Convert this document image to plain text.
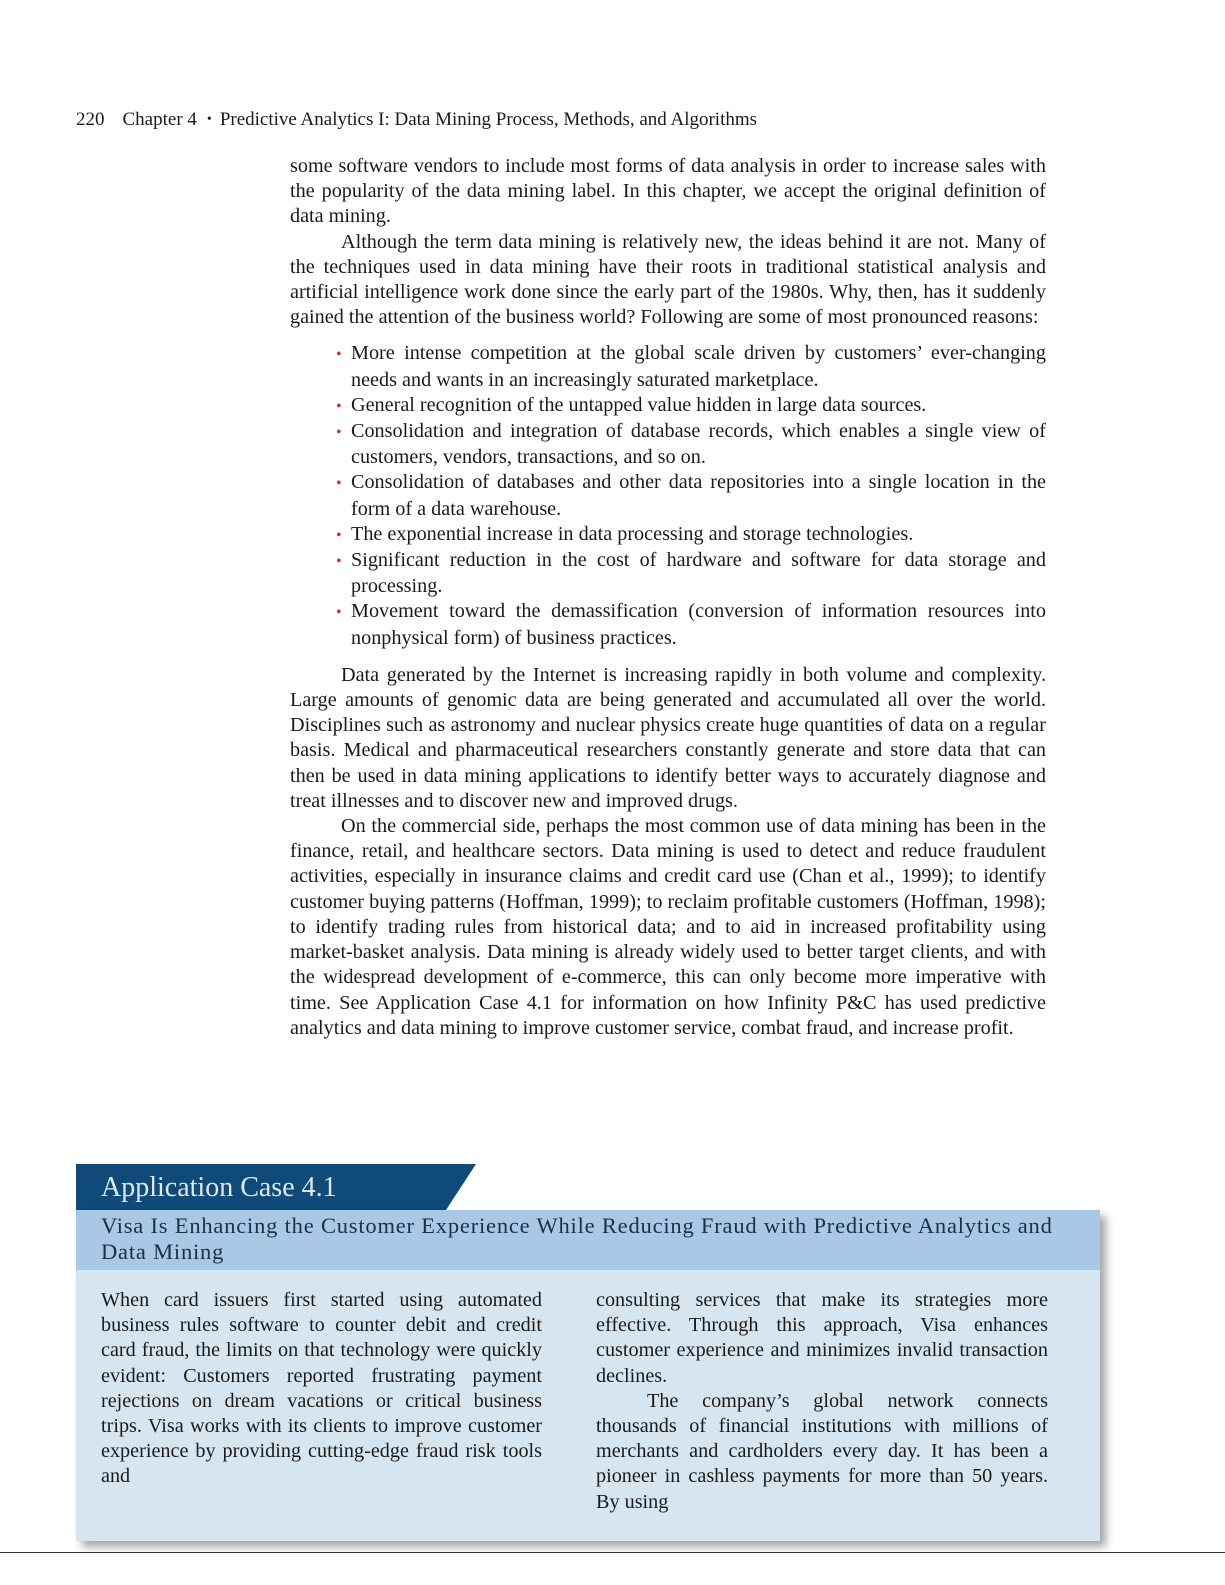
220 Chapter 4 • Predictive Analytics I: Data Mining Process, Methods, and Algorithms

some software vendors to include most forms of data analysis in order to increase sales with the popularity of the data mining label. In this chapter, we accept the original definition of data mining.

Although the term data mining is relatively new, the ideas behind it are not. Many of the techniques used in data mining have their roots in traditional statistical analysis and artificial intelligence work done since the early part of the 1980s. Why, then, has it suddenly gained the attention of the business world? Following are some of most pronounced reasons:

• More intense competition at the global scale driven by customers’ ever-changing needs and wants in an increasingly saturated marketplace.
• General recognition of the untapped value hidden in large data sources.
• Consolidation and integration of database records, which enables a single view of customers, vendors, transactions, and so on.
• Consolidation of databases and other data repositories into a single location in the form of a data warehouse.
• The exponential increase in data processing and storage technologies.
• Significant reduction in the cost of hardware and software for data storage and processing.
• Movement toward the demassification (conversion of information resources into nonphysical form) of business practices.

Data generated by the Internet is increasing rapidly in both volume and complexity. Large amounts of genomic data are being generated and accumulated all over the world. Disciplines such as astronomy and nuclear physics create huge quantities of data on a regular basis. Medical and pharmaceutical researchers constantly generate and store data that can then be used in data mining applications to identify better ways to accurately diagnose and treat illnesses and to discover new and improved drugs.

On the commercial side, perhaps the most common use of data mining has been in the finance, retail, and healthcare sectors. Data mining is used to detect and reduce fraudulent activities, especially in insurance claims and credit card use (Chan et al., 1999); to identify customer buying patterns (Hoffman, 1999); to reclaim profitable customers (Hoffman, 1998); to identify trading rules from historical data; and to aid in increased profitability using market-basket analysis. Data mining is already widely used to better target clients, and with the widespread development of e-commerce, this can only become more imperative with time. See Application Case 4.1 for information on how Infinity P&C has used predictive analytics and data mining to improve customer service, combat fraud, and increase profit.

Application Case 4.1
Visa Is Enhancing the Customer Experience While Reducing Fraud with Predictive Analytics and Data Mining

When card issuers first started using automated business rules software to counter debit and credit card fraud, the limits on that technology were quickly evident: Customers reported frustrating payment rejections on dream vacations or critical business trips. Visa works with its clients to improve customer experience by providing cutting-edge fraud risk tools and

consulting services that make its strategies more effective. Through this approach, Visa enhances customer experience and minimizes invalid transaction declines.

The company’s global network connects thousands of financial institutions with millions of merchants and cardholders every day. It has been a pioneer in cashless payments for more than 50 years. By using
